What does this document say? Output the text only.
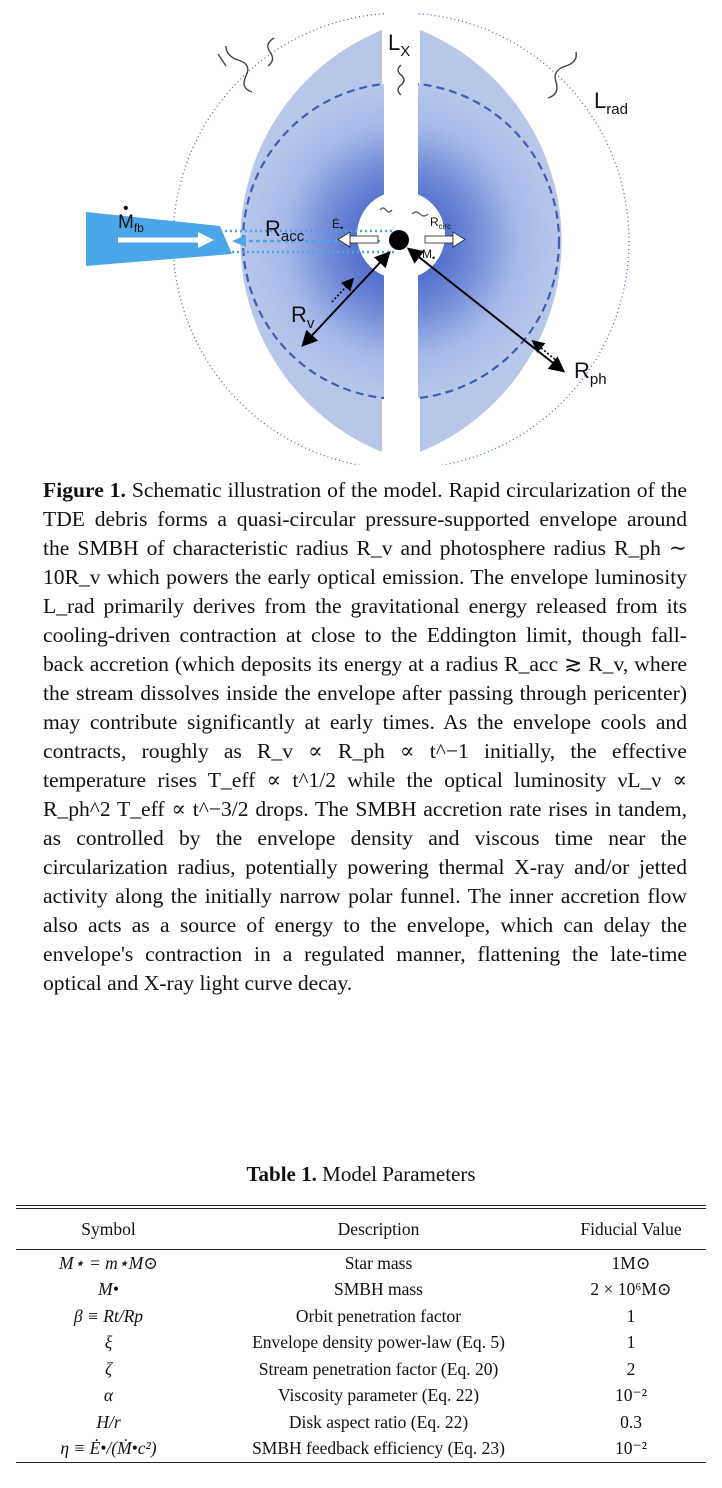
$L_X$
$L_{rad}$
$M_{fb}$
•
$R_{acc}$
$Ė_•$	$R_{circ}$
$M_•$
$R_v$
$R_{ph}$

Figure 1. Schematic illustration of the model. Rapid circularization of the TDE debris forms a quasi-circular pressure-supported envelope around the SMBH of characteristic radius R_v and photosphere radius R_ph ∼ 10R_v which powers the early optical emission. The envelope luminosity L_rad primarily derives from the gravitational energy released from its cooling-driven contraction at close to the Eddington limit, though fall-back accretion (which deposits its energy at a radius R_acc ≳ R_v, where the stream dissolves inside the envelope after passing through pericenter) may contribute significantly at early times. As the envelope cools and contracts, roughly as R_v ∝ R_ph ∝ t^−1 initially, the effective temperature rises T_eff ∝ t^1/2 while the optical luminosity νL_ν ∝ R_ph^2 T_eff ∝ t^−3/2 drops. The SMBH accretion rate rises in tandem, as controlled by the envelope density and viscous time near the circularization radius, potentially powering thermal X-ray and/or jetted activity along the initially narrow polar funnel. The inner accretion flow also acts as a source of energy to the envelope, which can delay the envelope's contraction in a regulated manner, flattening the late-time optical and X-ray light curve decay.

Table 1. Model Parameters
Symbol	Description	Fiducial Value
M⋆ = m⋆M⊙	Star mass	1M⊙
M•	SMBH mass	2 × 10⁶M⊙
β ≡ Rt/Rp	Orbit penetration factor	1
ξ	Envelope density power-law (Eq. 5)	1
ζ	Stream penetration factor (Eq. 20)	2
α	Viscosity parameter (Eq. 22)	10⁻²
H/r	Disk aspect ratio (Eq. 22)	0.3
η ≡ Ė•/(Ṁ•c²)	SMBH feedback efficiency (Eq. 23)	10⁻²
